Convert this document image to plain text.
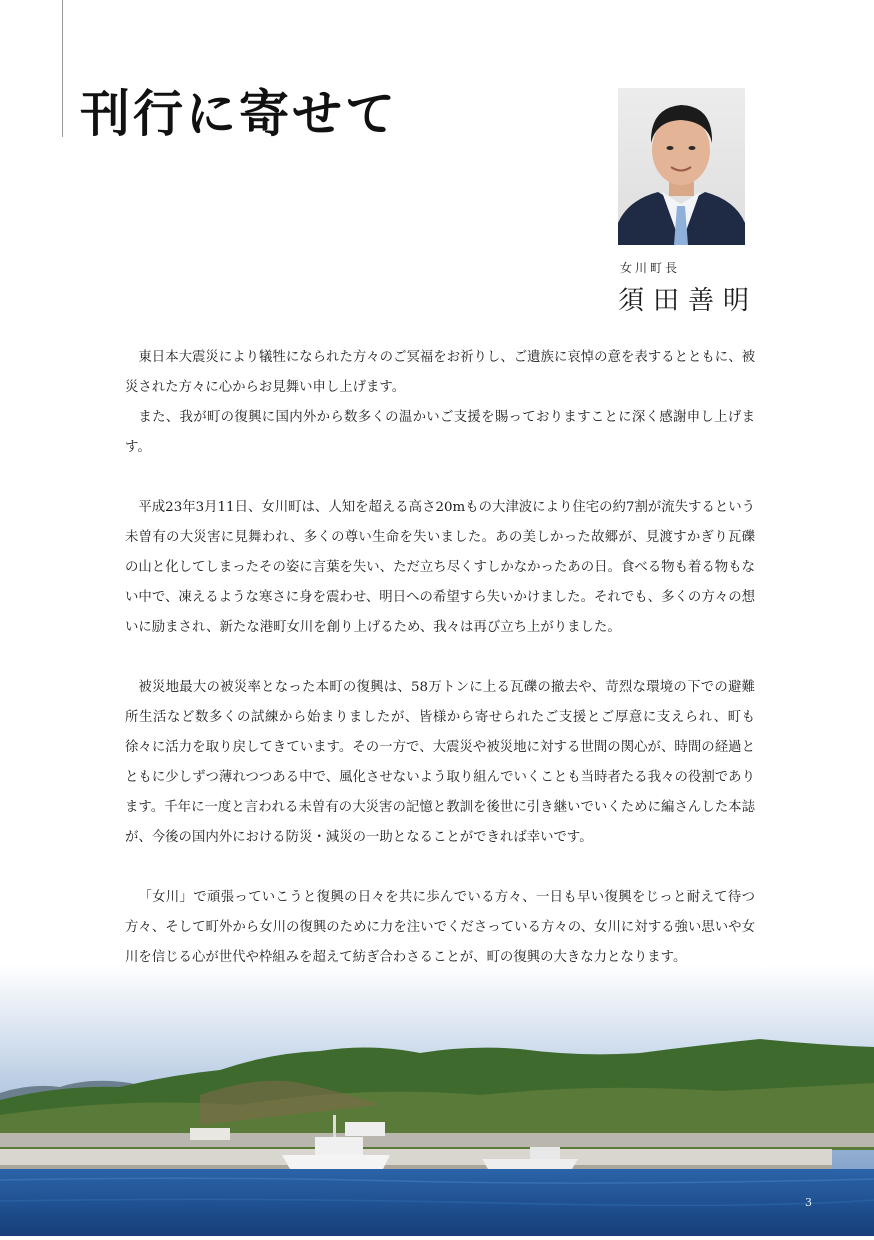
刊行に寄せて

女川町長

須田善明

東日本大震災により犠牲になられた方々のご冥福をお祈りし、ご遺族に哀悼の意を表するとともに、被災された方々に心からお見舞い申し上げます。

また、我が町の復興に国内外から数多くの温かいご支援を賜っておりますことに深く感謝申し上げます。

平成23年3月11日、女川町は、人知を超える高さ20mもの大津波により住宅の約7割が流失するという未曽有の大災害に見舞われ、多くの尊い生命を失いました。あの美しかった故郷が、見渡すかぎり瓦礫の山と化してしまったその姿に言葉を失い、ただ立ち尽くすしかなかったあの日。食べる物も着る物もない中で、凍えるような寒さに身を震わせ、明日への希望すら失いかけました。それでも、多くの方々の想いに励まされ、新たな港町女川を創り上げるため、我々は再び立ち上がりました。

被災地最大の被災率となった本町の復興は、58万トンに上る瓦礫の撤去や、苛烈な環境の下での避難所生活など数多くの試練から始まりましたが、皆様から寄せられたご支援とご厚意に支えられ、町も徐々に活力を取り戻してきています。その一方で、大震災や被災地に対する世間の関心が、時間の経過とともに少しずつ薄れつつある中で、風化させないよう取り組んでいくことも当時者たる我々の役割であります。千年に一度と言われる未曽有の大災害の記憶と教訓を後世に引き継いでいくために編さんした本誌が、今後の国内外における防災・減災の一助となることができれば幸いです。

「女川」で頑張っていこうと復興の日々を共に歩んでいる方々、一日も早い復興をじっと耐えて待つ方々、そして町外から女川の復興のために力を注いでくださっている方々の、女川に対する強い思いや女川を信じる心が世代や枠組みを超えて紡ぎ合わさることが、町の復興の大きな力となります。

3
